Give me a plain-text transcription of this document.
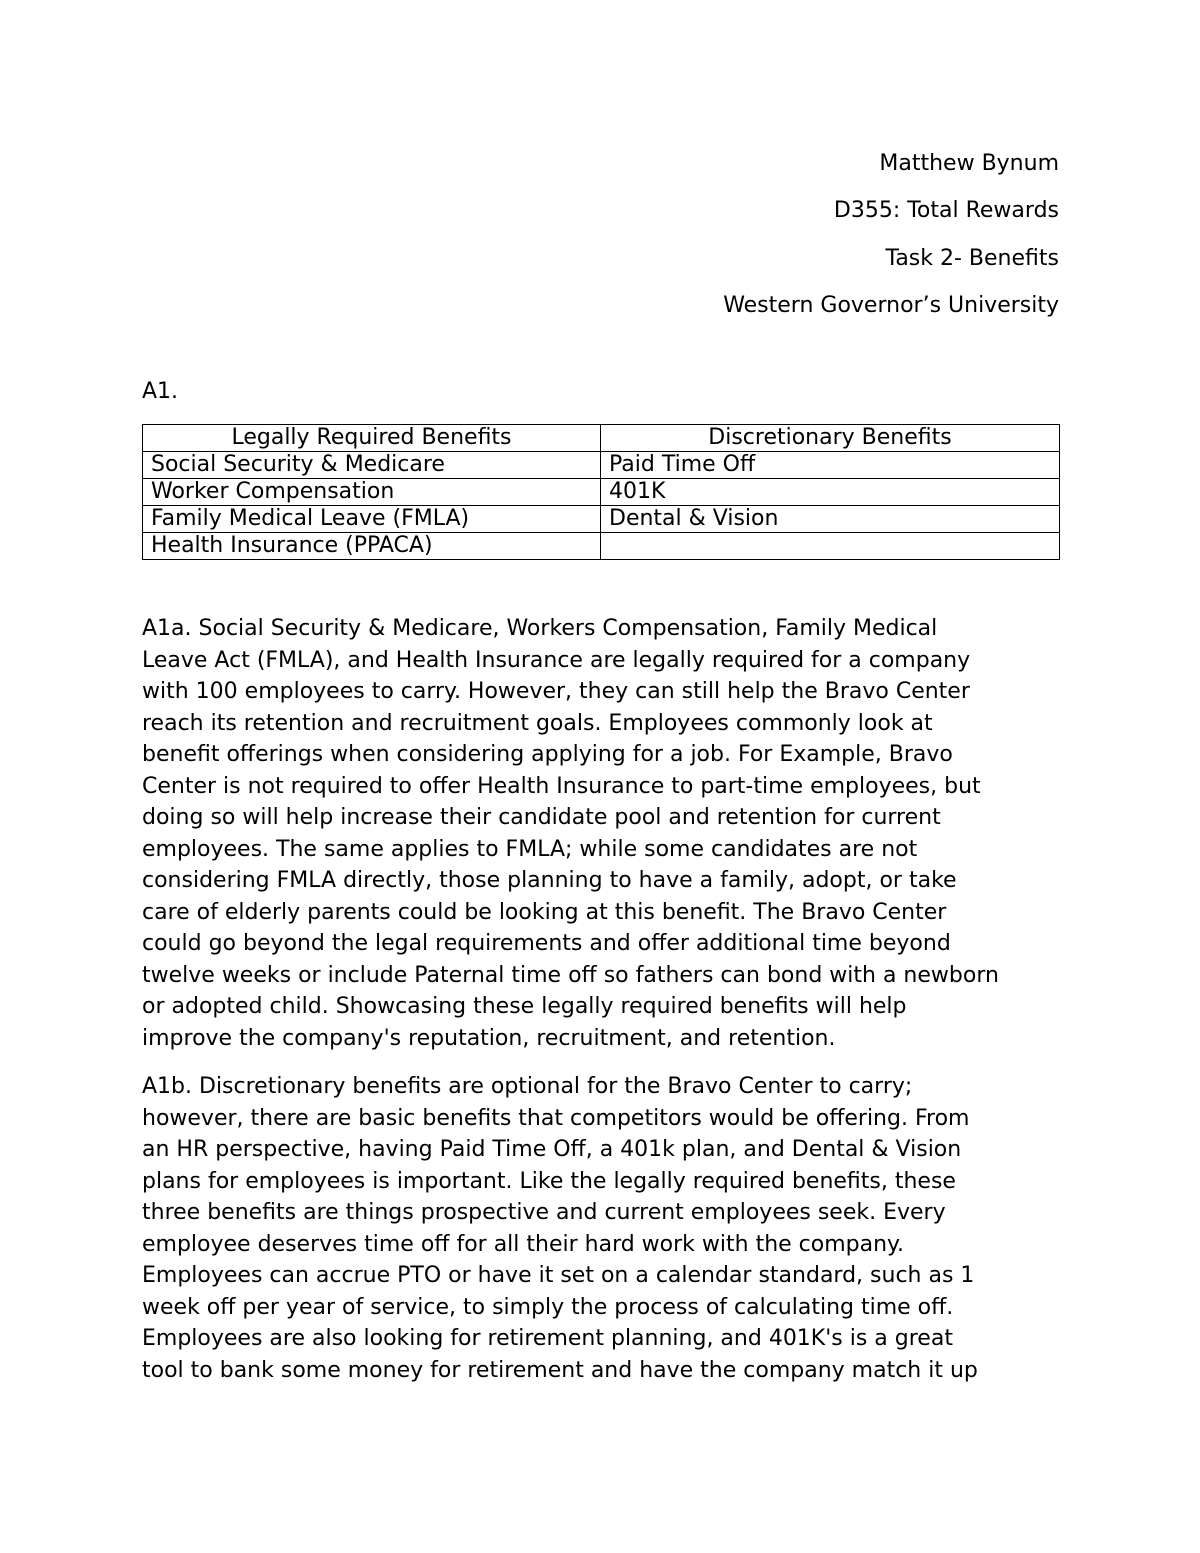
Matthew Bynum
D355: Total Rewards
Task 2- Benefits
Western Governor’s University
A1.
Legally Required Benefits	Discretionary Benefits
Social Security & Medicare	Paid Time Off
Worker Compensation	401K
Family Medical Leave (FMLA)	Dental & Vision
Health Insurance (PPACA)	

A1a. Social Security & Medicare, Workers Compensation, Family Medical
Leave Act (FMLA), and Health Insurance are legally required for a company
with 100 employees to carry. However, they can still help the Bravo Center
reach its retention and recruitment goals. Employees commonly look at
benefit offerings when considering applying for a job. For Example, Bravo
Center is not required to offer Health Insurance to part-time employees, but
doing so will help increase their candidate pool and retention for current
employees. The same applies to FMLA; while some candidates are not
considering FMLA directly, those planning to have a family, adopt, or take
care of elderly parents could be looking at this benefit. The Bravo Center
could go beyond the legal requirements and offer additional time beyond
twelve weeks or include Paternal time off so fathers can bond with a newborn
or adopted child. Showcasing these legally required benefits will help
improve the company's reputation, recruitment, and retention.

A1b. Discretionary benefits are optional for the Bravo Center to carry;
however, there are basic benefits that competitors would be offering. From
an HR perspective, having Paid Time Off, a 401k plan, and Dental & Vision
plans for employees is important. Like the legally required benefits, these
three benefits are things prospective and current employees seek. Every
employee deserves time off for all their hard work with the company.
Employees can accrue PTO or have it set on a calendar standard, such as 1
week off per year of service, to simply the process of calculating time off.
Employees are also looking for retirement planning, and 401K's is a great
tool to bank some money for retirement and have the company match it up
